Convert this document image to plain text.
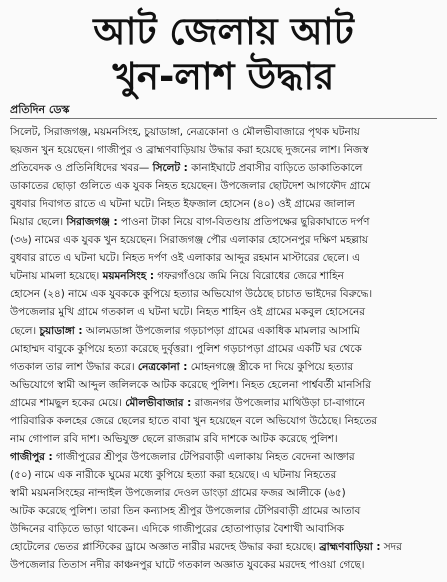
আট জেলায় আট
খুন-লাশ উদ্ধার
প্রতিদিন ডেস্ক
সিলেট, সিরাজগঞ্জ, ময়মনসিংহ, চুয়াডাঙ্গা, নেত্রকোনা ও মৌলভীবাজারে পৃথক ঘটনায়
ছয়জন খুন হয়েছেন। গাজীপুর ও ব্রাহ্মণবাড়িয়ায় উদ্ধার করা হয়েছে দুজনের লাশ। নিজস্ব
প্রতিবেদক ও প্রতিনিধিদের খবর— সিলেট : কানাইঘাটে প্রবাসীর বাড়িতে ডাকাতিকালে
ডাকাতের ছোড়া গুলিতে এক যুবক নিহত হয়েছেন। উপজেলার ছোটদেশ আগফৌদ গ্রামে
বুধবার দিবাগত রাতে এ ঘটনা ঘটে। নিহত ইফজাল হোসেন (৪০) ওই গ্রামের জালাল
মিয়ার ছেলে। সিরাজগঞ্জ : পাওনা টাকা নিয়ে বাগ-বিতণ্ডায় প্রতিপক্ষের ছুরিকাঘাতে দর্পণ
(৩৬) নামের এক যুবক খুন হয়েছেন। সিরাজগঞ্জ পৌর এলাকার হোসেনপুর দক্ষিণ মহল্লায়
বুধবার রাতে এ ঘটনা ঘটে। নিহত দর্পণ ওই এলাকার আব্দুর রহমান মাস্টারের ছেলে। এ
ঘটনায় মামলা হয়েছে। ময়মনসিংহ : গফরগাঁওয়ে জমি নিয়ে বিরোধের জেরে শাহিন
হোসেন (২৪) নামে এক যুবককে কুপিয়ে হত্যার অভিযোগ উঠেছে চাচাত ভাইদের বিরুদ্ধে।
উপজেলার মুখি গ্রামে গতকাল এ ঘটনা ঘটে। নিহত শাহিন ওই গ্রামের মকবুল হোসেনের
ছেলে। চুয়াডাঙ্গা : আলমডাঙ্গা উপজেলার গড়চাপড়া গ্রামের একাধিক মামলার আসামি
মোহাম্মদ বাবুকে কুপিয়ে হত্যা করেছে দুর্বৃত্তরা। পুলিশ গড়চাপড়া গ্রামের একটি ঘর থেকে
গতকাল তার লাশ উদ্ধার করে। নেত্রকোনা : মোহনগঞ্জে স্ত্রীকে দা দিয়ে কুপিয়ে হত্যার
অভিযোগে স্বামী আব্দুল জলিলকে আটক করেছে পুলিশ। নিহত হেলেনা পার্শ্ববর্তী মানসিরি
গ্রামের শামছুল হকের মেয়ে। মৌলভীবাজার : রাজনগর উপজেলার মাথিউড়া চা-বাগানে
পারিবারিক কলহের জেরে ছেলের হাতে বাবা খুন হয়েছেন বলে অভিযোগ উঠেছে। নিহতের
নাম গোপাল রবি দাশ। অভিযুক্ত ছেলে রাজরাম রবি দাশকে আটক করেছে পুলিশ।
গাজীপুর : গাজীপুরের শ্রীপুর উপজেলার টেপিরবাড়ী এলাকায় নিহত বেদেনা আক্তার
(৫০) নামে এক নারীকে ঘুমের মধ্যে কুপিয়ে হত্যা করা হয়েছে। এ ঘটনায় নিহতের
স্বামী ময়মনসিংহের নান্দাইল উপজেলার দেওল ডাংড়া গ্রামের ফজর আলীকে (৬৫)
আটক করেছে পুলিশ। তারা তিন কন্যাসহ শ্রীপুর উপজেলার টেপিরবাড়ী গ্রামের আতাব
উদ্দিনের বাড়িতে ভাড়া থাকেন। এদিকে গাজীপুরের হোতাপাড়ার বৈশাখী আবাসিক
হোটেলের ভেতর প্লাস্টিকের ড্রামে অজ্ঞাত নারীর মরদেহ উদ্ধার করা হয়েছে। ব্রাহ্মণবাড়িয়া : সদর
উপজেলার তিতাস নদীর কাঞ্চনপুর ঘাটে গতকাল অজ্ঞাত যুবকের মরদেহ পাওয়া গেছে।
